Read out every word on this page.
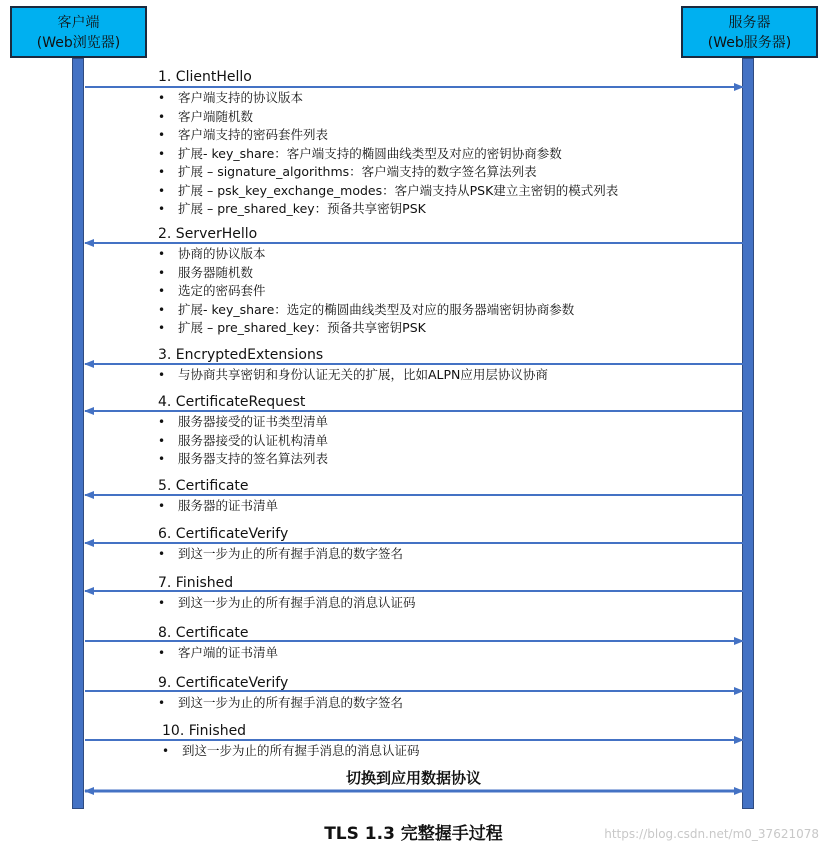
客户端
(Web浏览器)
服务器
(Web服务器)
1. ClientHello
• 客户端支持的协议版本
• 客户端随机数
• 客户端支持的密码套件列表
• 扩展- key_share：客户端支持的椭圆曲线类型及对应的密钥协商参数
• 扩展 – signature_algorithms：客户端支持的数字签名算法列表
• 扩展 – psk_key_exchange_modes：客户端支持从PSK建立主密钥的模式列表
• 扩展 – pre_shared_key：预备共享密钥PSK
2. ServerHello
• 协商的协议版本
• 服务器随机数
• 选定的密码套件
• 扩展- key_share：选定的椭圆曲线类型及对应的服务器端密钥协商参数
• 扩展 – pre_shared_key：预备共享密钥PSK
3. EncryptedExtensions
• 与协商共享密钥和身份认证无关的扩展，比如ALPN应用层协议协商
4. CertificateRequest
• 服务器接受的证书类型清单
• 服务器接受的认证机构清单
• 服务器支持的签名算法列表
5. Certificate
• 服务器的证书清单
6. CertificateVerify
• 到这一步为止的所有握手消息的数字签名
7. Finished
• 到这一步为止的所有握手消息的消息认证码
8. Certificate
• 客户端的证书清单
9. CertificateVerify
• 到这一步为止的所有握手消息的数字签名
10. Finished
• 到这一步为止的所有握手消息的消息认证码
切换到应用数据协议
TLS 1.3 完整握手过程	https://blog.csdn.net/m0_37621078
